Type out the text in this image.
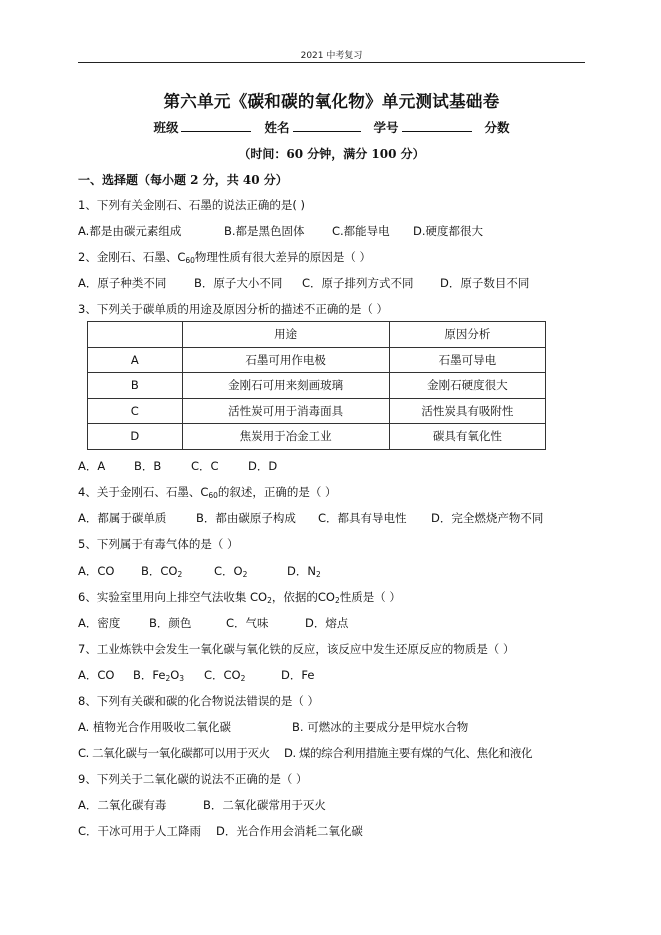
2021 中考复习
第六单元《碳和碳的氧化物》单元测试基础卷
班级	姓名	学号	分数
（时间：60 分钟，满分 100 分）
一、选择题（每小题 2 分，共 40 分）
1、下列有关金刚石、石墨的说法正确的是( )
A.都是由碳元素组成	B.都是黑色固体 C.都能导电 D.硬度都很大
2、金刚石、石墨、$C_{60}$物理性质有很大差异的原因是（ ）
A．原子种类不同 B．原子大小不同 C．原子排列方式不同 D．原子数目不同
3、下列关于碳单质的用途及原因分析的描述不正确的是（ ）
	用途	原因分析
A	石墨可用作电极	石墨可导电
B	金刚石可用来刻画玻璃	金刚石硬度很大
C	活性炭可用于消毒面具	活性炭具有吸附性
D	焦炭用于冶金工业	碳具有氧化性
A．A	B．B	C．C	D．D
4、关于金刚石、石墨、$C_{60}$的叙述，正确的是（ ）
A．都属于碳单质	B．都由碳原子构成 C．都具有导电性 D．完全燃烧产物不同
5、下列属于有毒气体的是（ ）
A．CO B．$CO_2$	C．$O_2$	D．$N_2$
6、实验室里用向上排空气法收集 $CO_2$，依据的$CO_2$性质是（ ）
A．密度 B．颜色	C．气味	D．熔点
7、工业炼铁中会发生一氧化碳与氧化铁的反应，该反应中发生还原反应的物质是（ ）
A．CO B．$Fe_2O_3$ C．$CO_2$	D．Fe
8、下列有关碳和碳的化合物说法错误的是（ ）
A. 植物光合作用吸收二氧化碳	B. 可燃冰的主要成分是甲烷水合物
C. 二氧化碳与一氧化碳都可以用于灭火 D. 煤的综合利用措施主要有煤的气化、焦化和液化
9、下列关于二氧化碳的说法不正确的是（ ）
A．二氧化碳有毒	B．二氧化碳常用于灭火
C．干冰可用于人工降雨 D．光合作用会消耗二氧化碳
